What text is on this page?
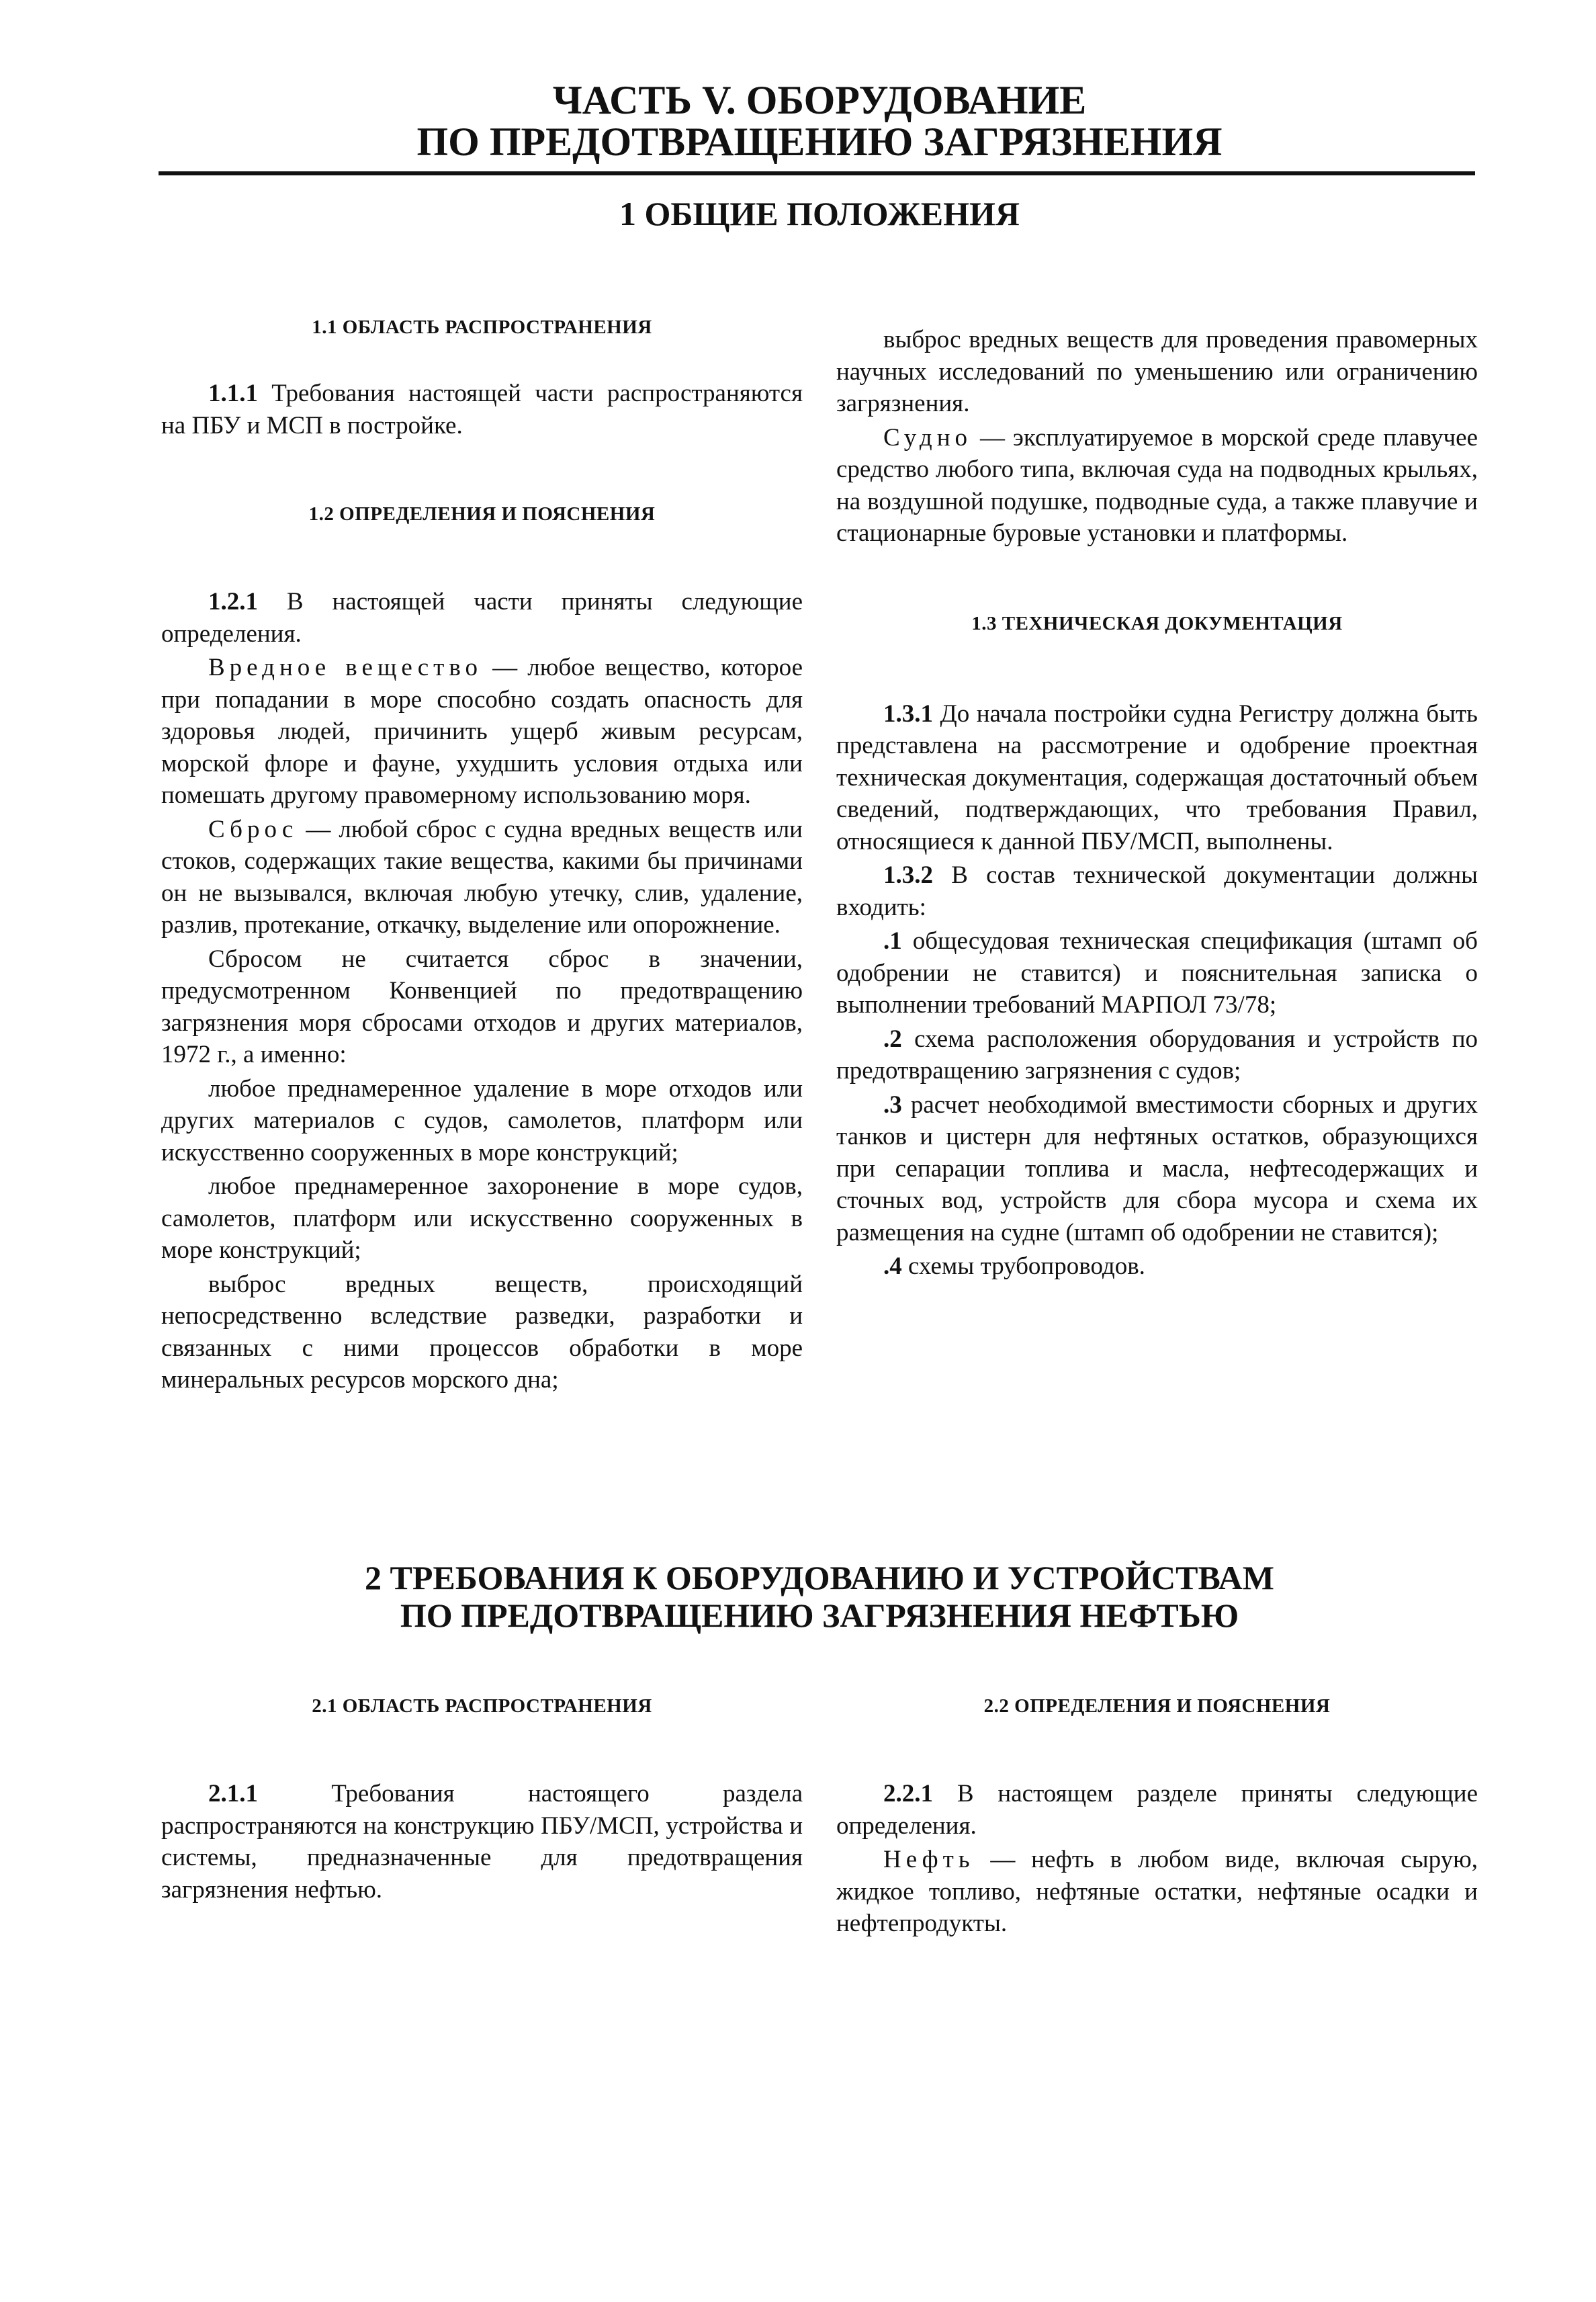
ЧАСТЬ V. ОБОРУДОВАНИЕ
ПО ПРЕДОТВРАЩЕНИЮ ЗАГРЯЗНЕНИЯ
1 ОБЩИЕ ПОЛОЖЕНИЯ
1.1 ОБЛАСТЬ РАСПРОСТРАНЕНИЯ

1.1.1 Требования настоящей части распространяются на ПБУ и МСП в постройке.

1.2 ОПРЕДЕЛЕНИЯ И ПОЯСНЕНИЯ

1.2.1 В настоящей части приняты следующие определения.

Вредное вещество — любое вещество, которое при попадании в море способно создать опасность для здоровья людей, причинить ущерб живым ресурсам, морской флоре и фауне, ухудшить условия отдыха или помешать другому правомерному использованию моря.

Сброс — любой сброс с судна вредных веществ или стоков, содержащих такие вещества, какими бы причинами он не вызывался, включая любую утечку, слив, удаление, разлив, протекание, откачку, выделение или опорожнение.

Сбросом не считается сброс в значении, предусмотренном Конвенцией по предотвращению загрязнения моря сбросами отходов и других материалов, 1972 г., а именно:

любое преднамеренное удаление в море отходов или других материалов с судов, самолетов, платформ или искусственно сооруженных в море конструкций;

любое преднамеренное захоронение в море судов, самолетов, платформ или искусственно сооруженных в море конструкций;

выброс вредных веществ, происходящий непосредственно вследствие разведки, разработки и связанных с ними процессов обработки в море минеральных ресурсов морского дна;

выброс вредных веществ для проведения правомерных научных исследований по уменьшению или ограничению загрязнения.

Судно — эксплуатируемое в морской среде плавучее средство любого типа, включая суда на подводных крыльях, на воздушной подушке, подводные суда, а также плавучие и стационарные буровые установки и платформы.

1.3 ТЕХНИЧЕСКАЯ ДОКУМЕНТАЦИЯ

1.3.1 До начала постройки судна Регистру должна быть представлена на рассмотрение и одобрение проектная техническая документация, содержащая достаточный объем сведений, подтверждающих, что требования Правил, относящиеся к данной ПБУ/МСП, выполнены.

1.3.2 В состав технической документации должны входить:

.1 общесудовая техническая спецификация (штамп об одобрении не ставится) и пояснительная записка о выполнении требований МАРПОЛ 73/78;

.2 схема расположения оборудования и устройств по предотвращению загрязнения с судов;

.3 расчет необходимой вместимости сборных и других танков и цистерн для нефтяных остатков, образующихся при сепарации топлива и масла, нефтесодержащих и сточных вод, устройств для сбора мусора и схема их размещения на судне (штамп об одобрении не ставится);

.4 схемы трубопроводов.

2 ТРЕБОВАНИЯ К ОБОРУДОВАНИЮ И УСТРОЙСТВАМ
ПО ПРЕДОТВРАЩЕНИЮ ЗАГРЯЗНЕНИЯ НЕФТЬЮ
2.1 ОБЛАСТЬ РАСПРОСТРАНЕНИЯ

2.1.1 Требования настоящего раздела распространяются на конструкцию ПБУ/МСП, устройства и системы, предназначенные для предотвращения загрязнения нефтью.

2.2 ОПРЕДЕЛЕНИЯ И ПОЯСНЕНИЯ

2.2.1 В настоящем разделе приняты следующие определения.

Нефть — нефть в любом виде, включая сырую, жидкое топливо, нефтяные остатки, нефтяные осадки и нефтепродукты.
